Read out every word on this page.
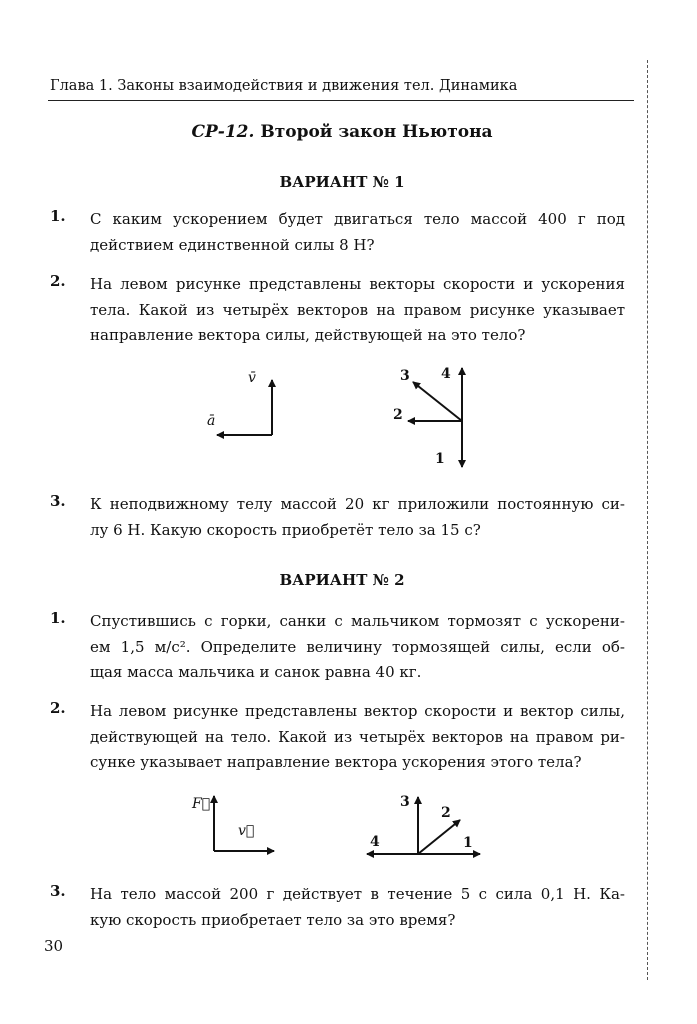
Глава 1. Законы взаимодействия и движения тел. Динамика
СР-12. Второй закон Ньютона
ВАРИАНТ № 1
1. С каким ускорением будет двигаться тело массой 400 г под
действием единственной силы 8 Н?
2. На левом рисунке представлены векторы скорости и ускорения
тела. Какой из четырёх векторов на правом рисунке указывает
направление вектора силы, действующей на это тело?
3. К неподвижному телу массой 20 кг приложили постоянную си-
лу 6 Н. Какую скорость приобретёт тело за 15 с?
ВАРИАНТ № 2
1. Спустившись с горки, санки с мальчиком тормозят с ускорени-
ем 1,5 м/с². Определите величину тормозящей силы, если об-
щая масса мальчика и санок равна 40 кг.
2. На левом рисунке представлены вектор скорости и вектор силы,
действующей на тело. Какой из четырёх векторов на правом ри-
сунке указывает направление вектора ускорения этого тела?
3. На тело массой 200 г действует в течение 5 с сила 0,1 Н. Ка-
кую скорость приобретает тело за это время?
30
v̄
ā
1
2
3 4
F⃗
v⃗
1
2
3
4
